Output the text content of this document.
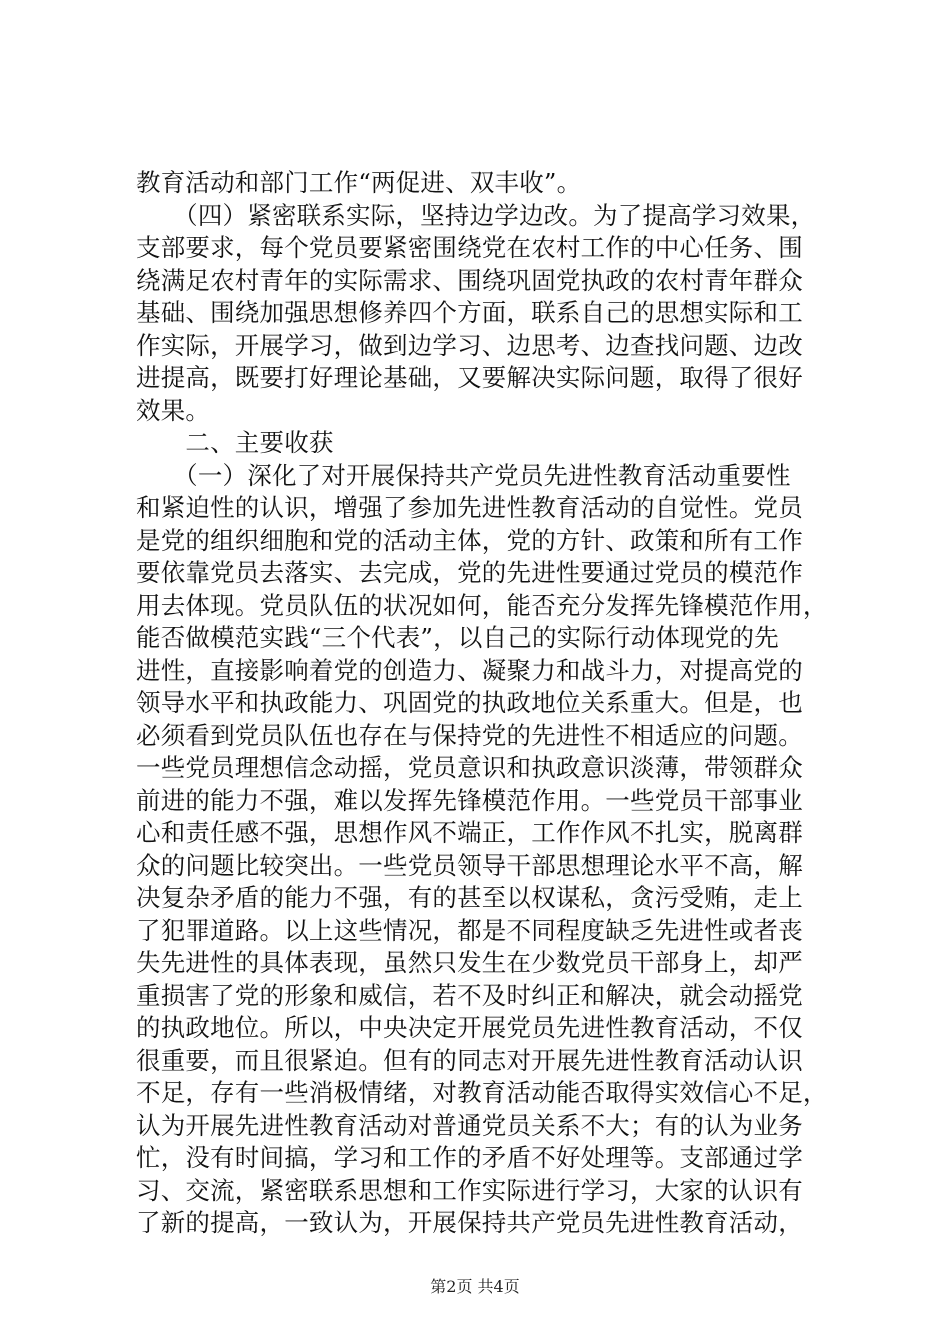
教育活动和部门工作“两促进、双丰收”。
　　（四）紧密联系实际，坚持边学边改。为了提高学习效果，
支部要求，每个党员要紧密围绕党在农村工作的中心任务、围
绕满足农村青年的实际需求、围绕巩固党执政的农村青年群众
基础、围绕加强思想修养四个方面，联系自己的思想实际和工
作实际，开展学习，做到边学习、边思考、边查找问题、边改
进提高，既要打好理论基础，又要解决实际问题，取得了很好
效果。
　　二、主要收获
　　（一）深化了对开展保持共产党员先进性教育活动重要性
和紧迫性的认识，增强了参加先进性教育活动的自觉性。党员
是党的组织细胞和党的活动主体，党的方针、政策和所有工作
要依靠党员去落实、去完成，党的先进性要通过党员的模范作
用去体现。党员队伍的状况如何，能否充分发挥先锋模范作用，
能否做模范实践“三个代表”，以自己的实际行动体现党的先
进性，直接影响着党的创造力、凝聚力和战斗力，对提高党的
领导水平和执政能力、巩固党的执政地位关系重大。但是，也
必须看到党员队伍也存在与保持党的先进性不相适应的问题。
一些党员理想信念动摇，党员意识和执政意识淡薄，带领群众
前进的能力不强，难以发挥先锋模范作用。一些党员干部事业
心和责任感不强，思想作风不端正，工作作风不扎实，脱离群
众的问题比较突出。一些党员领导干部思想理论水平不高，解
决复杂矛盾的能力不强，有的甚至以权谋私，贪污受贿，走上
了犯罪道路。以上这些情况，都是不同程度缺乏先进性或者丧
失先进性的具体表现，虽然只发生在少数党员干部身上，却严
重损害了党的形象和威信，若不及时纠正和解决，就会动摇党
的执政地位。所以，中央决定开展党员先进性教育活动，不仅
很重要，而且很紧迫。但有的同志对开展先进性教育活动认识
不足，存有一些消极情绪，对教育活动能否取得实效信心不足，
认为开展先进性教育活动对普通党员关系不大；有的认为业务
忙，没有时间搞，学习和工作的矛盾不好处理等。支部通过学
习、交流，紧密联系思想和工作实际进行学习，大家的认识有
了新的提高，一致认为，开展保持共产党员先进性教育活动，
第2页 共4页
